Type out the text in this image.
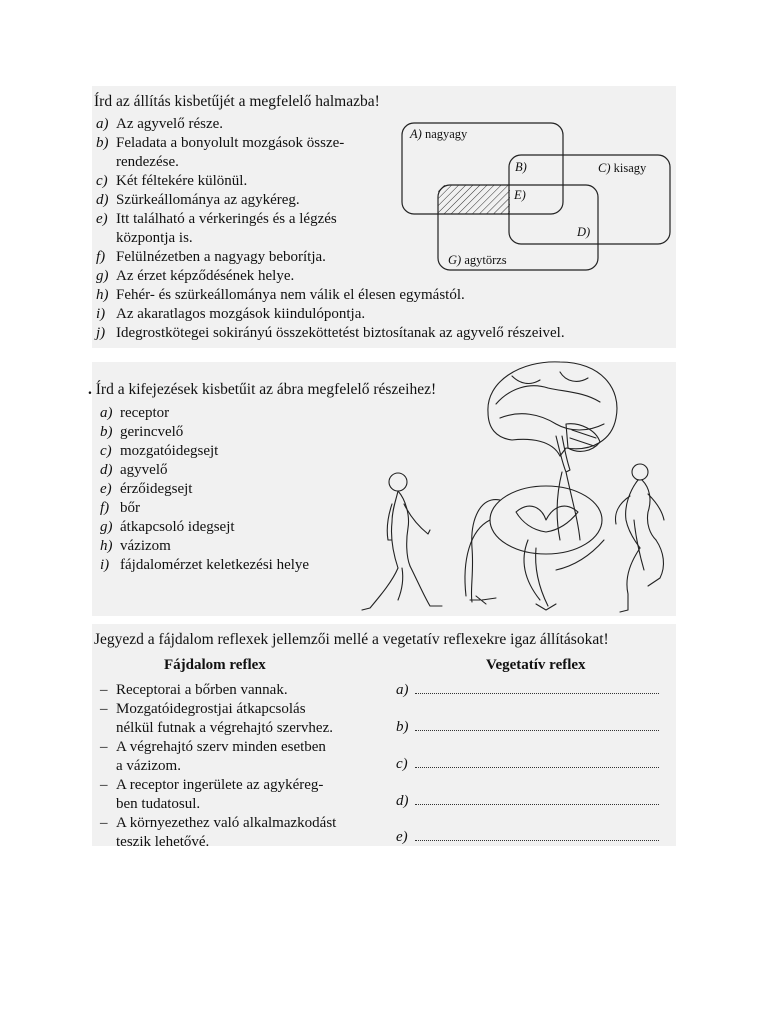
Írd az állítás kisbetűjét a megfelelő halmazba!
a) Az agyvelő része.
b) Feladata a bonyolult mozgások össze-
rendezése.
c) Két féltekére különül.
d) Szürkeállománya az agykéreg.
e) Itt található a vérkeringés és a légzés
központja is.
f) Felülnézetben a nagyagy beborítja.
g) Az érzet képződésének helye.
h) Fehér- és szürkeállománya nem válik el élesen egymástól.
i) Az akaratlagos mozgások kiindulópontja.
j) Idegrostkötegei sokirányú összeköttetést biztosítanak az agyvelő részeivel.
A) nagyagy
B)	C) kisagy
E)
D)
G) agytörzs
. Írd a kifejezések kisbetűit az ábra megfelelő részeihez!
a) receptor
b) gerincvelő
c) mozgatóidegsejt
d) agyvelő
e) érzőidegsejt
f) bőr
g) átkapcsoló idegsejt
h) vázizom
i) fájdalomérzet keletkezési helye
Jegyezd a fájdalom reflexek jellemzői mellé a vegetatív reflexekre igaz állításokat!
Fájdalom reflex	Vegetatív reflex
– Receptorai a bőrben vannak.
– Mozgatóidegrostjai átkapcsolás
nélkül futnak a végrehajtó szervhez.
– A végrehajtó szerv minden esetben
a vázizom.
– A receptor ingerülete az agykéreg-
ben tudatosul.
– A környezethez való alkalmazkodást
teszik lehetővé.
a)
b)
c)
d)
e)
